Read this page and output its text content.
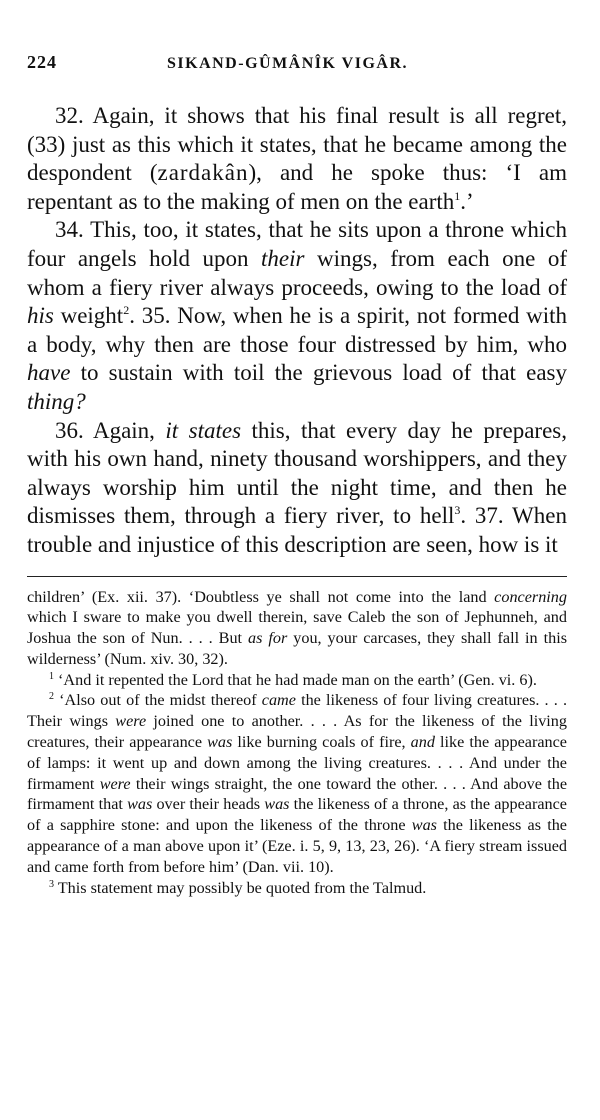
224	SIKAND-GÛMÂNÎK VIGÂR.

32. Again, it shows that his final result is all regret, (33) just as this which it states, that he became among the despondent (zardakân), and he spoke thus: ‘I am repentant as to the making of men on the earth$^1$.’

34. This, too, it states, that he sits upon a throne which four angels hold upon their wings, from each one of whom a fiery river always proceeds, owing to the load of his weight$^2$. 35. Now, when he is a spirit, not formed with a body, why then are those four distressed by him, who have to sustain with toil the grievous load of that easy thing?

36. Again, it states this, that every day he prepares, with his own hand, ninety thousand worshippers, and they always worship him until the night time, and then he dismisses them, through a fiery river, to hell$^3$. 37. When trouble and injustice of this description are seen, how is it

children’ (Ex. xii. 37). ‘Doubtless ye shall not come into the land concerning which I sware to make you dwell therein, save Caleb the son of Jephunneh, and Joshua the son of Nun. . . . But as for you, your carcases, they shall fall in this wilderness’ (Num. xiv. 30, 32).

$^1$ ‘And it repented the Lord that he had made man on the earth’ (Gen. vi. 6).

$^2$ ‘Also out of the midst thereof came the likeness of four living creatures. . . . Their wings were joined one to another. . . . As for the likeness of the living creatures, their appearance was like burning coals of fire, and like the appearance of lamps: it went up and down among the living creatures. . . . And under the firmament were their wings straight, the one toward the other. . . . And above the firmament that was over their heads was the likeness of a throne, as the appearance of a sapphire stone: and upon the likeness of the throne was the likeness as the appearance of a man above upon it’ (Eze. i. 5, 9, 13, 23, 26). ‘A fiery stream issued and came forth from before him’ (Dan. vii. 10).

$^3$ This statement may possibly be quoted from the Talmud.
